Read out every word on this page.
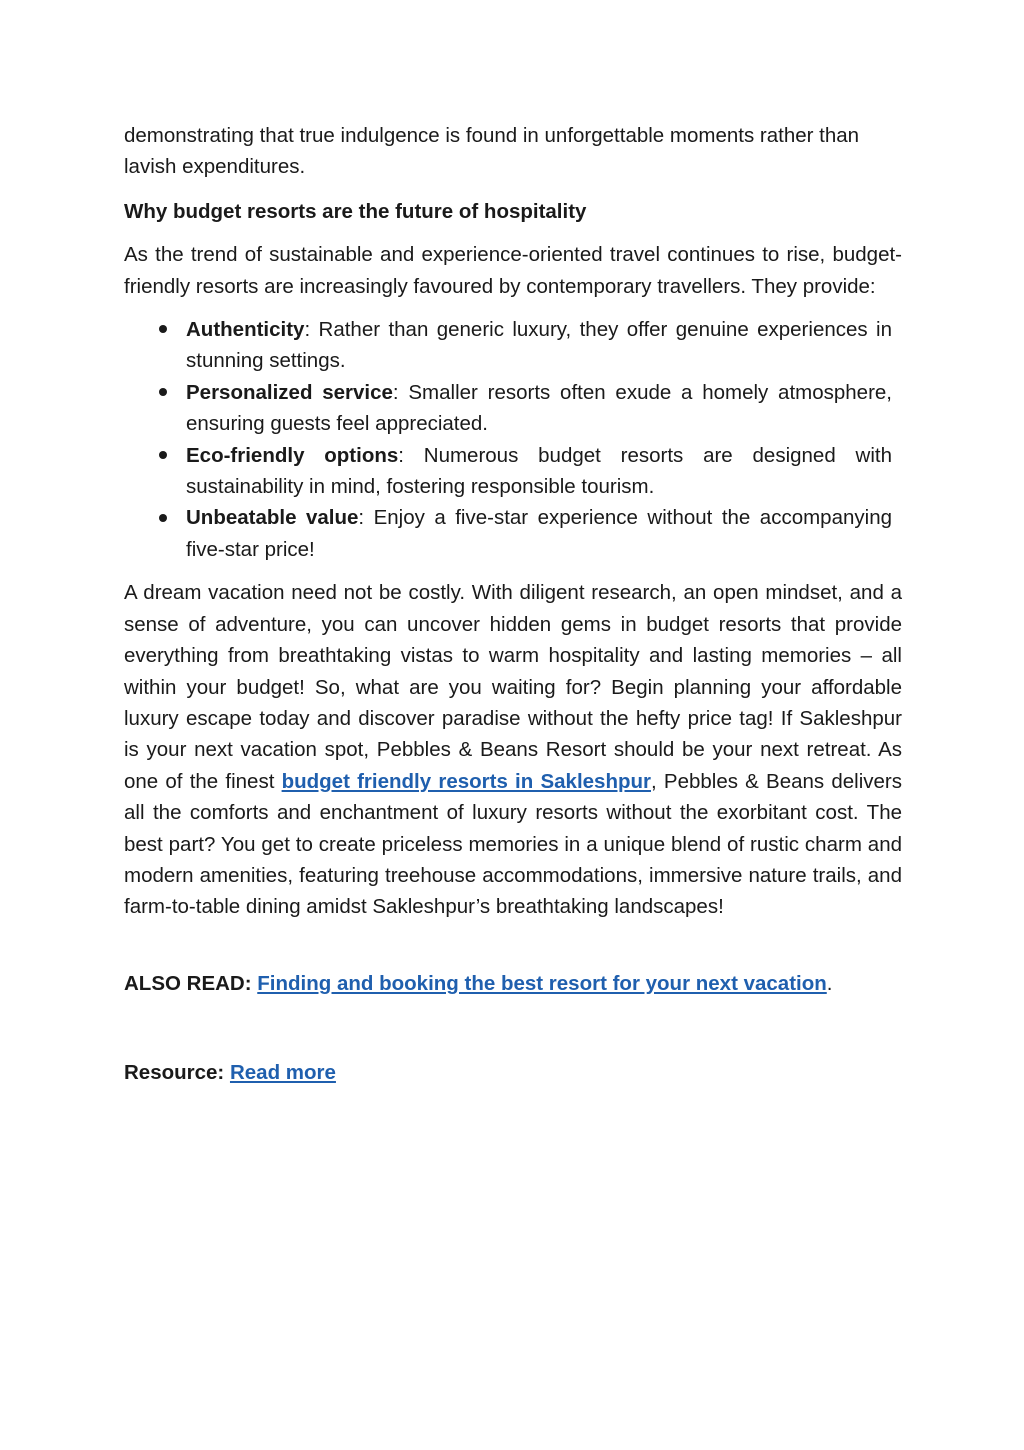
demonstrating that true indulgence is found in unforgettable moments rather than lavish expenditures.

Why budget resorts are the future of hospitality

As the trend of sustainable and experience-oriented travel continues to rise, budget-friendly resorts are increasingly favoured by contemporary travellers. They provide:

Authenticity: Rather than generic luxury, they offer genuine experiences in stunning settings.
Personalized service: Smaller resorts often exude a homely atmosphere, ensuring guests feel appreciated.
Eco-friendly options: Numerous budget resorts are designed with sustainability in mind, fostering responsible tourism.
Unbeatable value: Enjoy a five-star experience without the accompanying five-star price!

A dream vacation need not be costly. With diligent research, an open mindset, and a sense of adventure, you can uncover hidden gems in budget resorts that provide everything from breathtaking vistas to warm hospitality and lasting memories – all within your budget! So, what are you waiting for? Begin planning your affordable luxury escape today and discover paradise without the hefty price tag! If Sakleshpur is your next vacation spot, Pebbles & Beans Resort should be your next retreat. As one of the finest budget friendly resorts in Sakleshpur, Pebbles & Beans delivers all the comforts and enchantment of luxury resorts without the exorbitant cost. The best part? You get to create priceless memories in a unique blend of rustic charm and modern amenities, featuring treehouse accommodations, immersive nature trails, and farm-to-table dining amidst Sakleshpur’s breathtaking landscapes!

ALSO READ: Finding and booking the best resort for your next vacation.

Resource: Read more
